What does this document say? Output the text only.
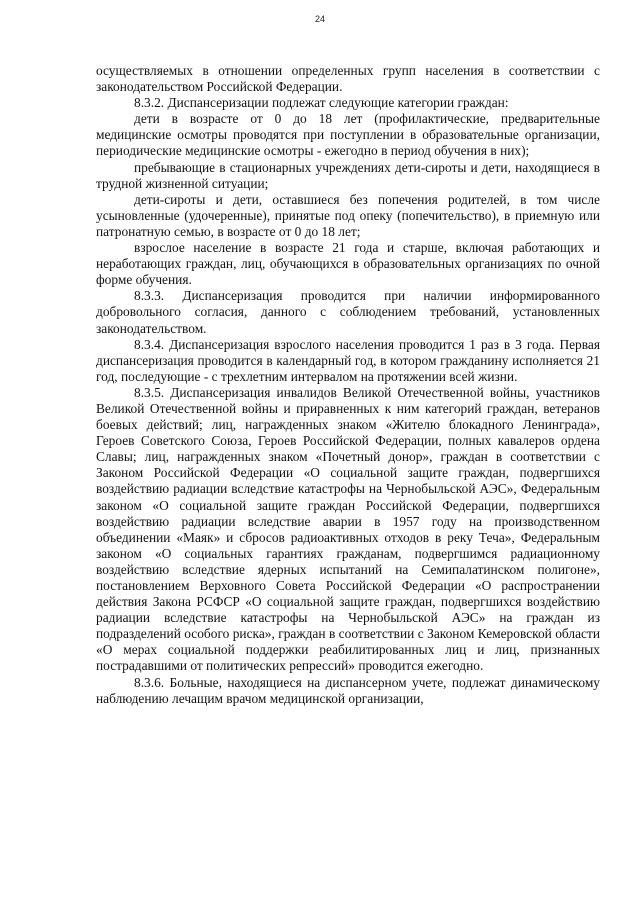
24

осуществляемых в отношении определенных групп населения в соответствии с законодательством Российской Федерации.

8.3.2. Диспансеризации подлежат следующие категории граждан:

дети в возрасте от 0 до 18 лет (профилактические, предварительные медицинские осмотры проводятся при поступлении в образовательные организации, периодические медицинские осмотры - ежегодно в период обучения в них);

пребывающие в стационарных учреждениях дети-сироты и дети, находящиеся в трудной жизненной ситуации;

дети-сироты и дети, оставшиеся без попечения родителей, в том числе усыновленные (удочеренные), принятые под опеку (попечительство), в приемную или патронатную семью, в возрасте от 0 до 18 лет;

взрослое население в возрасте 21 года и старше, включая работающих и неработающих граждан, лиц, обучающихся в образовательных организациях по очной форме обучения.

8.3.3. Диспансеризация проводится при наличии информированного добровольного согласия, данного с соблюдением требований, установленных законодательством.

8.3.4. Диспансеризация взрослого населения проводится 1 раз в 3 года. Первая диспансеризация проводится в календарный год, в котором гражданину исполняется 21 год, последующие - с трехлетним интервалом на протяжении всей жизни.

8.3.5. Диспансеризация инвалидов Великой Отечественной войны, участников Великой Отечественной войны и приравненных к ним категорий граждан, ветеранов боевых действий; лиц, награжденных знаком «Жителю блокадного Ленинграда», Героев Советского Союза, Героев Российской Федерации, полных кавалеров ордена Славы; лиц, награжденных знаком «Почетный донор», граждан в соответствии с Законом Российской Федерации «О социальной защите граждан, подвергшихся воздействию радиации вследствие катастрофы на Чернобыльской АЭС», Федеральным законом «О социальной защите граждан Российской Федерации, подвергшихся воздействию радиации вследствие аварии в 1957 году на производственном объединении «Маяк» и сбросов радиоактивных отходов в реку Теча», Федеральным законом «О социальных гарантиях гражданам, подвергшимся радиационному воздействию вследствие ядерных испытаний на Семипалатинском полигоне», постановлением Верховного Совета Российской Федерации «О распространении действия Закона РСФСР «О социальной защите граждан, подвергшихся воздействию радиации вследствие катастрофы на Чернобыльской АЭС» на граждан из подразделений особого риска», граждан в соответствии с Законом Кемеровской области «О мерах социальной поддержки реабилитированных лиц и лиц, признанных пострадавшими от политических репрессий» проводится ежегодно.

8.3.6. Больные, находящиеся на диспансерном учете, подлежат динамическому наблюдению лечащим врачом медицинской организации,
